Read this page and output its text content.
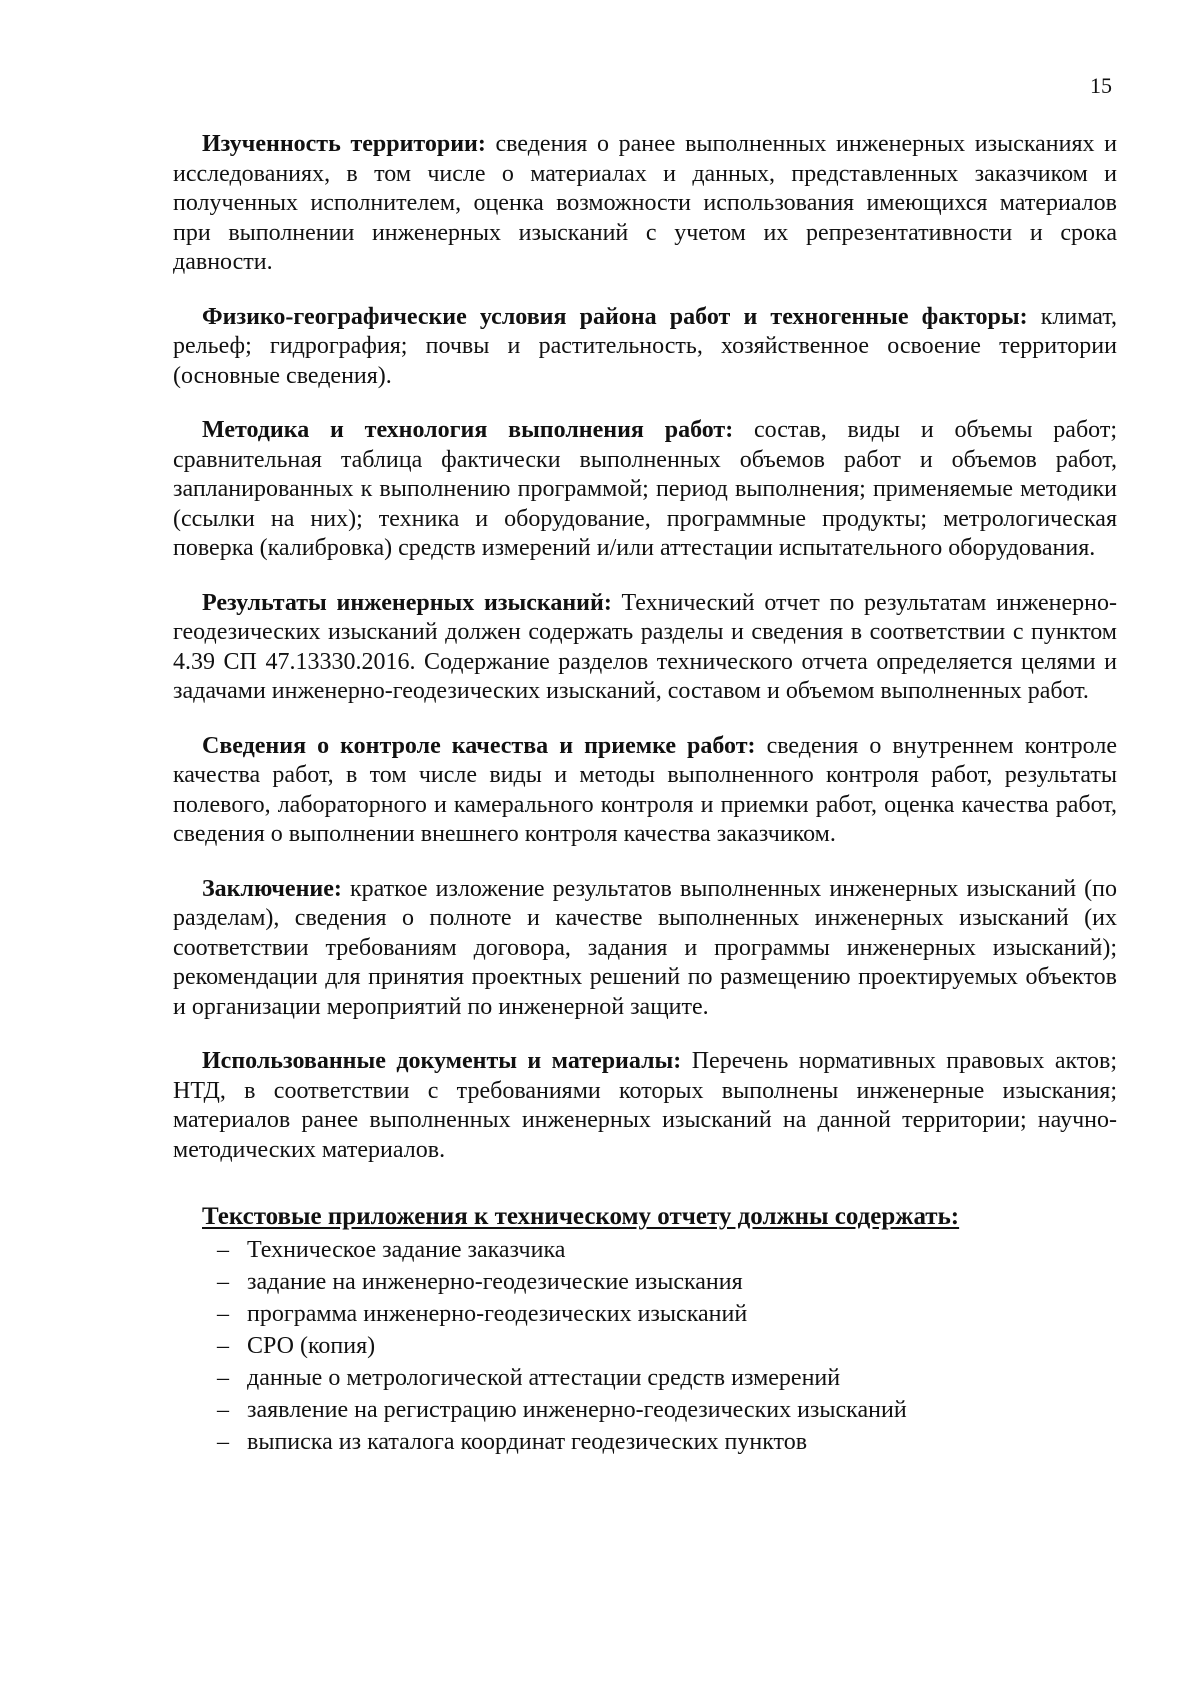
15

Изученность территории: сведения о ранее выполненных инженерных изысканиях и исследованиях, в том числе о материалах и данных, представленных заказчиком и полученных исполнителем, оценка возможности использования имеющихся материалов при выполнении инженерных изысканий с учетом их репрезентативности и срока давности.

Физико-географические условия района работ и техногенные факторы: климат, рельеф; гидрография; почвы и растительность, хозяйственное освоение территории (основные сведения).

Методика и технология выполнения работ: состав, виды и объемы работ; сравнительная таблица фактически выполненных объемов работ и объемов работ, запланированных к выполнению программой; период выполнения; применяемые методики (ссылки на них); техника и оборудование, программные продукты; метрологическая поверка (калибровка) средств измерений и/или аттестации испытательного оборудования.

Результаты инженерных изысканий: Технический отчет по результатам инженерно-геодезических изысканий должен содержать разделы и сведения в соответствии с пунктом 4.39 СП 47.13330.2016. Содержание разделов технического отчета определяется целями и задачами инженерно-геодезических изысканий, составом и объемом выполненных работ.

Сведения о контроле качества и приемке работ: сведения о внутреннем контроле качества работ, в том числе виды и методы выполненного контроля работ, результаты полевого, лабораторного и камерального контроля и приемки работ, оценка качества работ, сведения о выполнении внешнего контроля качества заказчиком.

Заключение: краткое изложение результатов выполненных инженерных изысканий (по разделам), сведения о полноте и качестве выполненных инженерных изысканий (их соответствии требованиям договора, задания и программы инженерных изысканий); рекомендации для принятия проектных решений по размещению проектируемых объектов и организации мероприятий по инженерной защите.

Использованные документы и материалы: Перечень нормативных правовых актов; НТД, в соответствии с требованиями которых выполнены инженерные изыскания; материалов ранее выполненных инженерных изысканий на данной территории; научно-методических материалов.

Текстовые приложения к техническому отчету должны содержать:
– Техническое задание заказчика
– задание на инженерно-геодезические изыскания
– программа инженерно-геодезических изысканий
– СРО (копия)
– данные о метрологической аттестации средств измерений
– заявление на регистрацию инженерно-геодезических изысканий
– выписка из каталога координат геодезических пунктов
